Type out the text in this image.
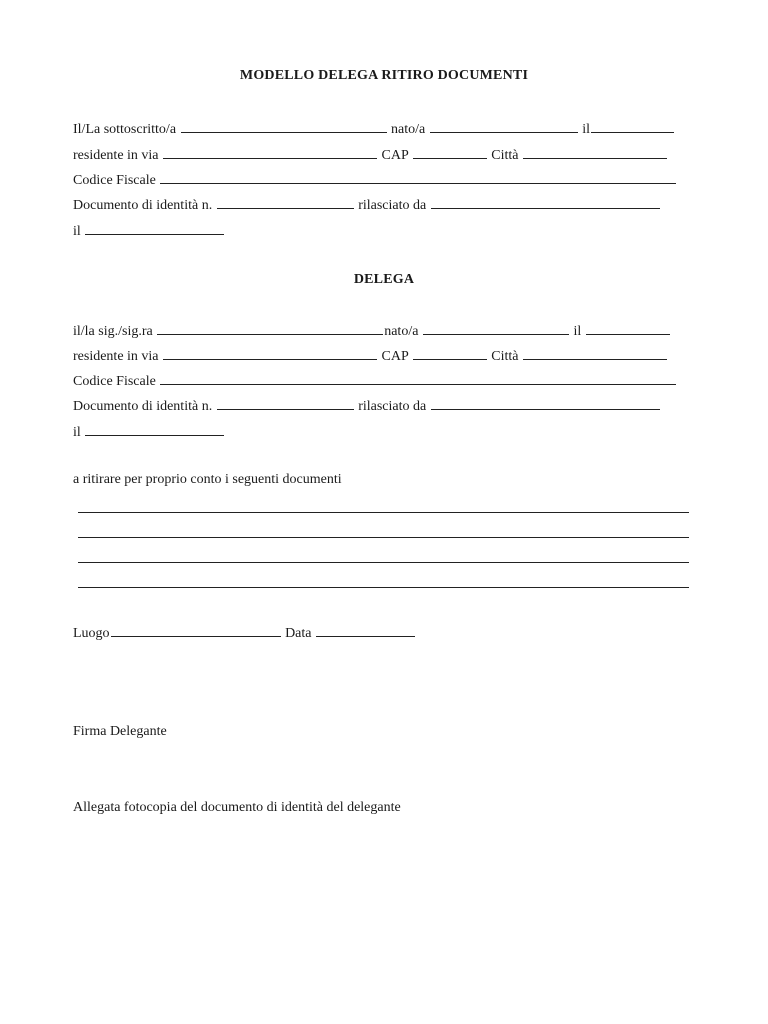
MODELLO DELEGA RITIRO DOCUMENTI
Il/La sottoscritto/a	nato/a	il
residente in via	CAP	Città
Codice Fiscale
Documento di identità n.	rilasciato da
il
DELEGA
il/la sig./sig.ra	nato/a	il
residente in via	CAP	Città
Codice Fiscale
Documento di identità n.	rilasciato da
il
a ritirare per proprio conto i seguenti documenti
Luogo	Data
Firma Delegante
Allegata fotocopia del documento di identità del delegante
